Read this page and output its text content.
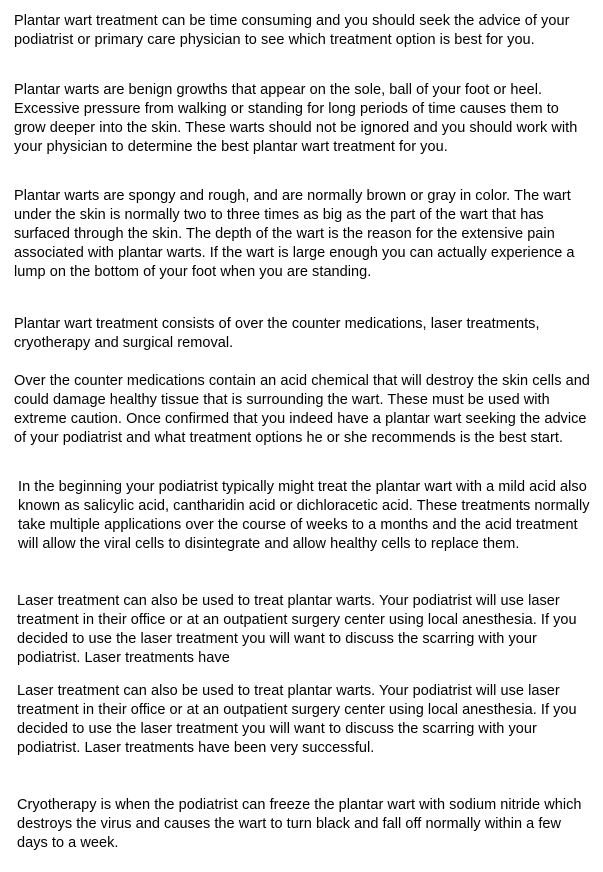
Plantar wart treatment can be time consuming and you should seek the advice of your podiatrist or primary care physician to see which treatment option is best for you.

Plantar warts are benign growths that appear on the sole, ball of your foot or heel. Excessive pressure from walking or standing for long periods of time causes them to grow deeper into the skin. These warts should not be ignored and you should work with your physician to determine the best plantar wart treatment for you.

Plantar warts are spongy and rough, and are normally brown or gray in color. The wart under the skin is normally two to three times as big as the part of the wart that has surfaced through the skin. The depth of the wart is the reason for the extensive pain associated with plantar warts. If the wart is large enough you can actually experience a lump on the bottom of your foot when you are standing.

Plantar wart treatment consists of over the counter medications, laser treatments, cryotherapy and surgical removal.

Over the counter medications contain an acid chemical that will destroy the skin cells and could damage healthy tissue that is surrounding the wart. These must be used with extreme caution. Once confirmed that you indeed have a plantar wart seeking the advice of your podiatrist and what treatment options he or she recommends is the best start.

In the beginning your podiatrist typically might treat the plantar wart with a mild acid also known as salicylic acid, cantharidin acid or dichloracetic acid. These treatments normally take multiple applications over the course of weeks to a months and the acid treatment will allow the viral cells to disintegrate and allow healthy cells to replace them.

Laser treatment can also be used to treat plantar warts. Your podiatrist will use laser treatment in their office or at an outpatient surgery center using local anesthesia. If you decided to use the laser treatment you will want to discuss the scarring with your podiatrist. Laser treatments have

Laser treatment can also be used to treat plantar warts. Your podiatrist will use laser treatment in their office or at an outpatient surgery center using local anesthesia. If you decided to use the laser treatment you will want to discuss the scarring with your podiatrist. Laser treatments have been very successful.

Cryotherapy is when the podiatrist can freeze the plantar wart with sodium nitride which destroys the virus and causes the wart to turn black and fall off normally within a few days to a week.
